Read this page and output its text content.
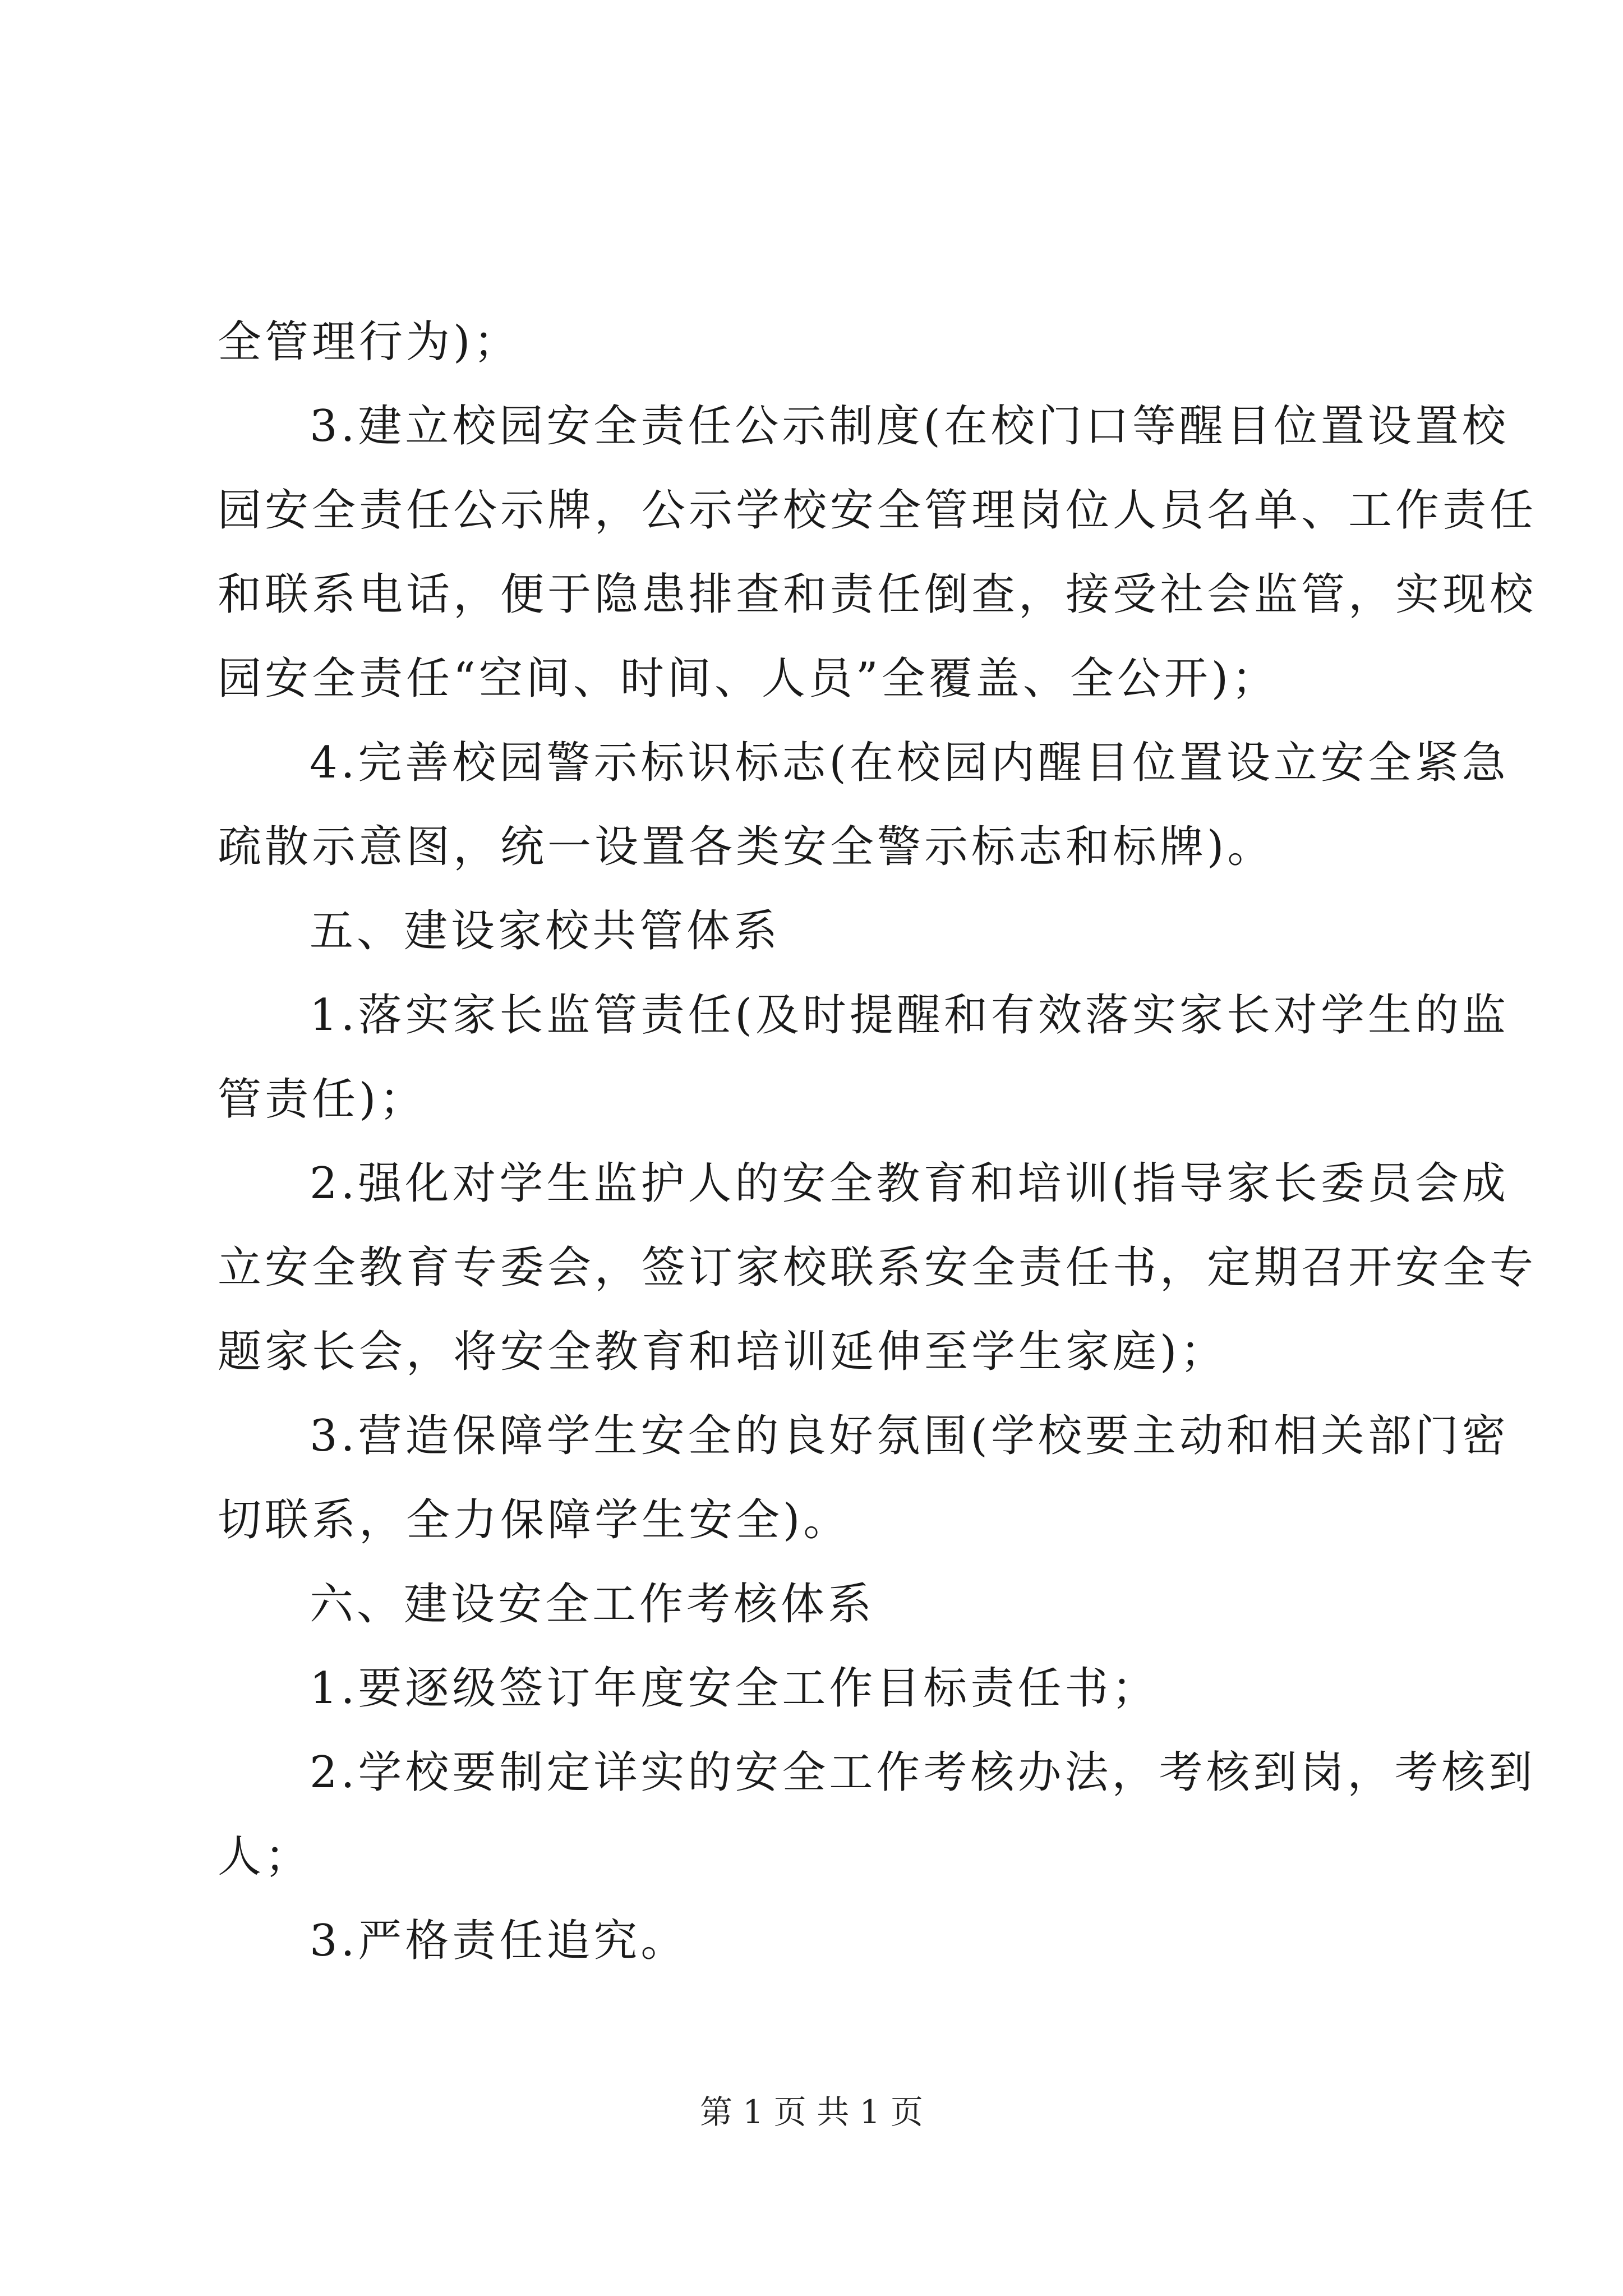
全管理行为)；
3.建立校园安全责任公示制度(在校门口等醒目位置设置校
园安全责任公示牌，公示学校安全管理岗位人员名单、工作责任
和联系电话，便于隐患排查和责任倒查，接受社会监管，实现校
园安全责任“空间、时间、人员”全覆盖、全公开)；
4.完善校园警示标识标志(在校园内醒目位置设立安全紧急
疏散示意图，统一设置各类安全警示标志和标牌)。
五、建设家校共管体系
1.落实家长监管责任(及时提醒和有效落实家长对学生的监
管责任)；
2.强化对学生监护人的安全教育和培训(指导家长委员会成
立安全教育专委会，签订家校联系安全责任书，定期召开安全专
题家长会，将安全教育和培训延伸至学生家庭)；
3.营造保障学生安全的良好氛围(学校要主动和相关部门密
切联系，全力保障学生安全)。
六、建设安全工作考核体系
1.要逐级签订年度安全工作目标责任书；
2.学校要制定详实的安全工作考核办法，考核到岗，考核到
人；
3.严格责任追究。
第 1 页 共 1 页
